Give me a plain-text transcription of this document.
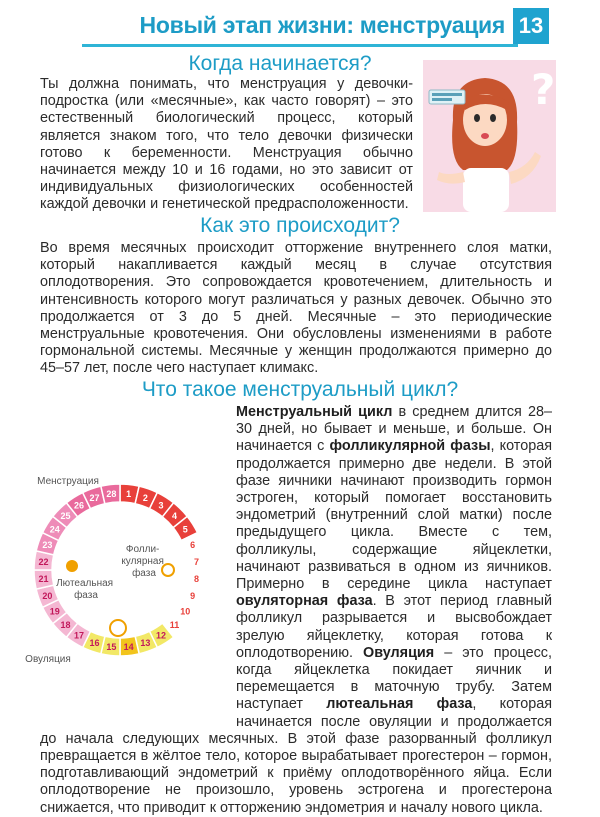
Новый этап жизни: менструация 13
Когда начинается?

Ты должна понимать, что менструация у девочки-подростка (или «месячные», как часто говорят) – это естественный биологический процесс, который является знаком того, что тело девочки физически готово к беременности. Менструация обычно начинается между 10 и 16 годами, но это зависит от индивидуальных физиологических особенностей каждой девочки и генетической предрасположенности.

?
Как это происходит?

Во время месячных происходит отторжение внутреннего слоя матки, который накапливается каждый месяц в случае отсутствия оплодотворения. Это сопровождается кровотечением, длительность и интенсивность которого могут различаться у разных девочек. Обычно это продолжается от 3 до 5 дней. Месячные – это периодические менструальные кровотечения. Они обусловлены изменениями в работе гормональной системы. Месячные у женщин продолжаются примерно до 45–57 лет, после чего наступает климакс.

Что такое менструальный цикл?

Менструальный цикл в среднем длится 28–30 дней, но бывает и меньше, и больше. Он начинается с фолликулярной фазы, которая продолжается примерно две недели. В этой фазе яичники начинают производить гормон эстроген, который помогает восстановить эндометрий (внутренний слой матки) после предыдущего цикла. Вместе с тем, фолликулы, содержащие яйцеклетки, начинают развиваться в одном из яичников. Примерно в середине цикла наступает овуляторная фаза. В этот период главный фолликул разрывается и высвобождает зрелую яйцеклетку, которая готова к оплодотворению. Овуляция – это процесс, когда яйцеклетка покидает яичник и перемещается в маточную трубу. Затем наступает лютеальная фаза, которая начинается после овуляции и продолжается до начала следующих месячных. В этой фазе разорванный фолликул превращается в жёлтое тело, которое вырабатывает прогестерон – гормон, подготавливающий эндометрий к приёму оплодотворённого яйца. Если оплодотворение не произошло, уровень эстрогена и прогестерона снижается, что приводит к отторжению эндометрия и началу нового цикла.

1 2
3
4
5
6
7
8
9
10
11
12
13
14
15
16
17
18
19
20
21
22
23
24
25
26
27 28
Менструация
Фолли- кулярная фаза
Лютеальная фаза
Овуляция
